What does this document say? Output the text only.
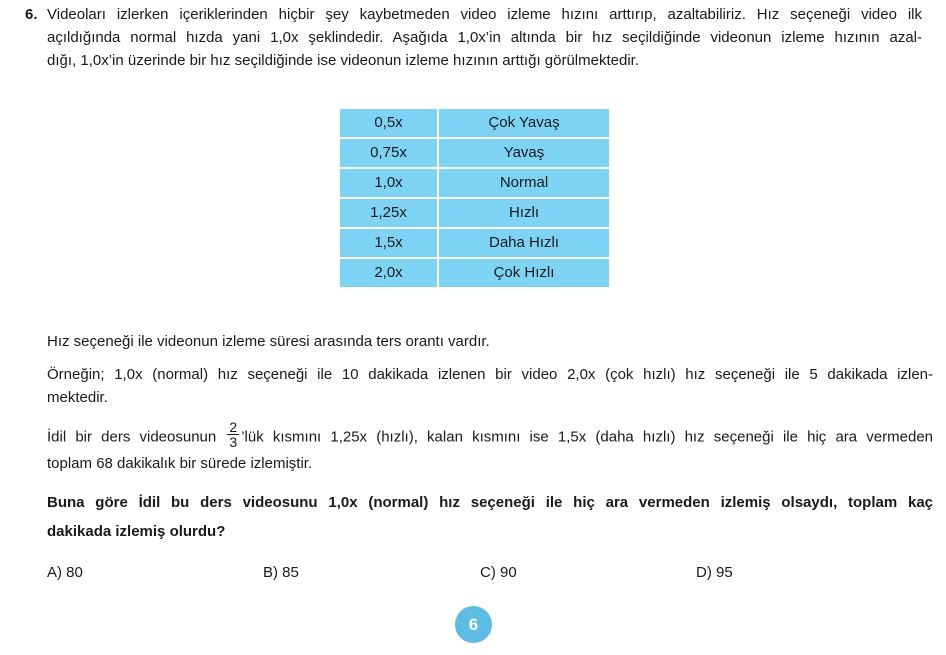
6. Videoları izlerken içeriklerinden hiçbir şey kaybetmeden video izleme hızını arttırıp, azaltabiliriz. Hız seçeneği video ilk
açıldığında normal hızda yani 1,0x şeklindedir. Aşağıda 1,0x’in altında bir hız seçildiğinde videonun izleme hızının azal-
dığı, 1,0x’in üzerinde bir hız seçildiğinde ise videonun izleme hızının arttığı görülmektedir.
0,5x	Çok Yavaş
0,75x	Yavaş
1,0x	Normal
1,25x	Hızlı
1,5x	Daha Hızlı
2,0x	Çok Hızlı
Hız seçeneği ile videonun izleme süresi arasında ters orantı vardır.
Örneğin; 1,0x (normal) hız seçeneği ile 10 dakikada izlenen bir video 2,0x (çok hızlı) hız seçeneği ile 5 dakikada izlen-
mektedir.
İdil bir ders videosunun $\frac{2}{3}$ ’lük kısmını 1,25x (hızlı), kalan kısmını ise 1,5x (daha hızlı) hız seçeneği ile hiç ara vermeden
toplam 68 dakikalık bir sürede izlemiştir.
Buna göre İdil bu ders videosunu 1,0x (normal) hız seçeneği ile hiç ara vermeden izlemiş olsaydı, toplam kaç
dakikada izlemiş olurdu?
A) 80	B) 85	C) 90	D) 95
6
